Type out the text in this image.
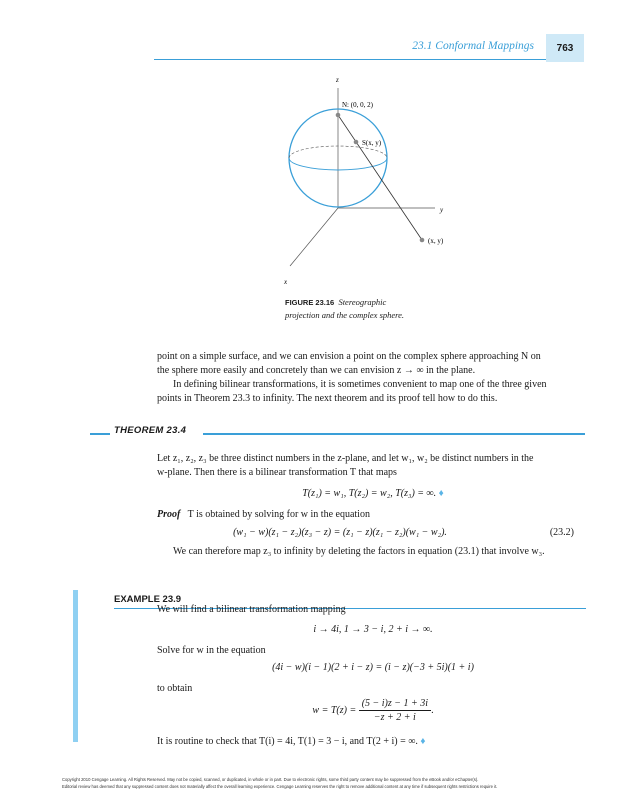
23.1 Conformal Mappings	763
z
N: (0, 0, 2)
S(x, y)
y
(x, y)
x
FIGURE 23.16 Stereographic
projection and the complex sphere.
point on a simple surface, and we can envision a point on the complex sphere approaching N on
the sphere more easily and concretely than we can envision z → ∞ in the plane.
In defining bilinear transformations, it is sometimes convenient to map one of the three given
points in Theorem 23.3 to infinity. The next theorem and its proof tell how to do this.
THEOREM 23.4
Let z₁, z₂, z₃ be three distinct numbers in the z-plane, and let w₁, w₂ be distinct numbers in the
w-plane. Then there is a bilinear transformation T that maps
T(z₁) = w₁, T(z₂) = w₂, T(z₃) = ∞. ♦
Proof T is obtained by solving for w in the equation
(w₁ − w)(z₁ − z₂)(z₃ − z) = (z₁ − z)(z₁ − z₂)(w₁ − w₂).	(23.2)
We can therefore map z₃ to infinity by deleting the factors in equation (23.1) that involve w₃.
EXAMPLE 23.9
We will find a bilinear transformation mapping
i → 4i, 1 → 3 − i, 2 + i → ∞.
Solve for w in the equation
(4i − w)(i − 1)(2 + i − z) = (i − z)(−3 + 5i)(1 + i)
to obtain
$w = T(z) = \frac{(5 - i)z - 1 + 3i}{-z + 2 + i}$ .
It is routine to check that T(i) = 4i, T(1) = 3 − i, and T(2 + i) = ∞. ♦
Copyright 2010 Cengage Learning. All Rights Reserved. May not be copied, scanned, or duplicated, in whole or in part. Due to electronic rights, some third party content may be suppressed from the eBook and/or eChapter(s).
Editorial review has deemed that any suppressed content does not materially affect the overall learning experience. Cengage Learning reserves the right to remove additional content at any time if subsequent rights restrictions require it.
